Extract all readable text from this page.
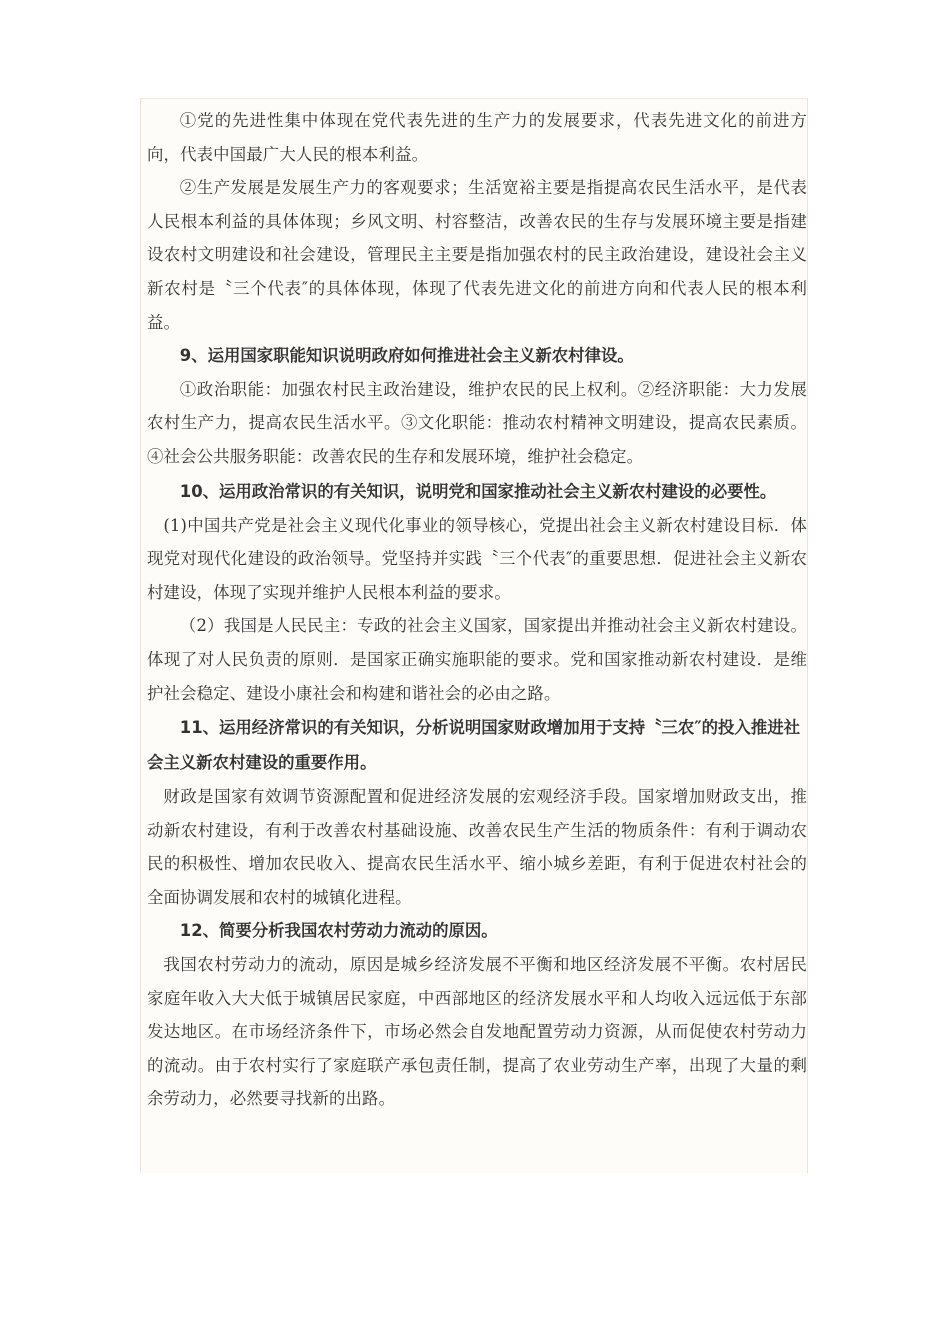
①党的先进性集中体现在党代表先进的生产力的发展要求，代表先进文化的前进方向，代表中国最广大人民的根本利益。

②生产发展是发展生产力的客观要求；生活宽裕主要是指提高农民生活水平，是代表人民根本利益的具体体现；乡风文明、村容整洁，改善农民的生存与发展环境主要是指建设农村文明建设和社会建设，管理民主主要是指加强农村的民主政治建设，建设社会主义新农村是〝三个代表″的具体体现，体现了代表先进文化的前进方向和代表人民的根本利益。

9、运用国家职能知识说明政府如何推进社会主义新农村律设。

①政治职能：加强农村民主政治建设，维护农民的民上权利。②经济职能：大力发展农村生产力，提高农民生活水平。③文化职能：推动农村精神文明建设，提高农民素质。④社会公共服务职能：改善农民的生存和发展环境，维护社会稳定。

10、运用政治常识的有关知识，说明党和国家推动社会主义新农村建设的必要性。

(1)中国共产党是社会主义现代化事业的领导核心，党提出社会主义新农村建设目标．体现党对现代化建设的政治领导。党坚持并实践〝三个代表″的重要思想．促进社会主义新农村建设，体现了实现并维护人民根本利益的要求。

（2）我国是人民民主：专政的社会主义国家，国家提出并推动社会主义新农村建设。体现了对人民负责的原则．是国家正确实施职能的要求。党和国家推动新农村建设．是维护社会稳定、建设小康社会和构建和谐社会的必由之路。

11、运用经济常识的有关知识，分析说明国家财政增加用于支持〝三农″的投入推进社会主义新农村建设的重要作用。

财政是国家有效调节资源配置和促进经济发展的宏观经济手段。国家增加财政支出，推动新农村建设，有利于改善农村基础设施、改善农民生产生活的物质条件：有利于调动农民的积极性、增加农民收入、提高农民生活水平、缩小城乡差距，有利于促进农村社会的全面协调发展和农村的城镇化进程。

12、简要分析我国农村劳动力流动的原因。

我国农村劳动力的流动，原因是城乡经济发展不平衡和地区经济发展不平衡。农村居民家庭年收入大大低于城镇居民家庭，中西部地区的经济发展水平和人均收入远远低于东部发达地区。在市场经济条件下，市场必然会自发地配置劳动力资源，从而促使农村劳动力的流动。由于农村实行了家庭联产承包责任制，提高了农业劳动生产率，出现了大量的剩余劳动力，必然要寻找新的出路。
